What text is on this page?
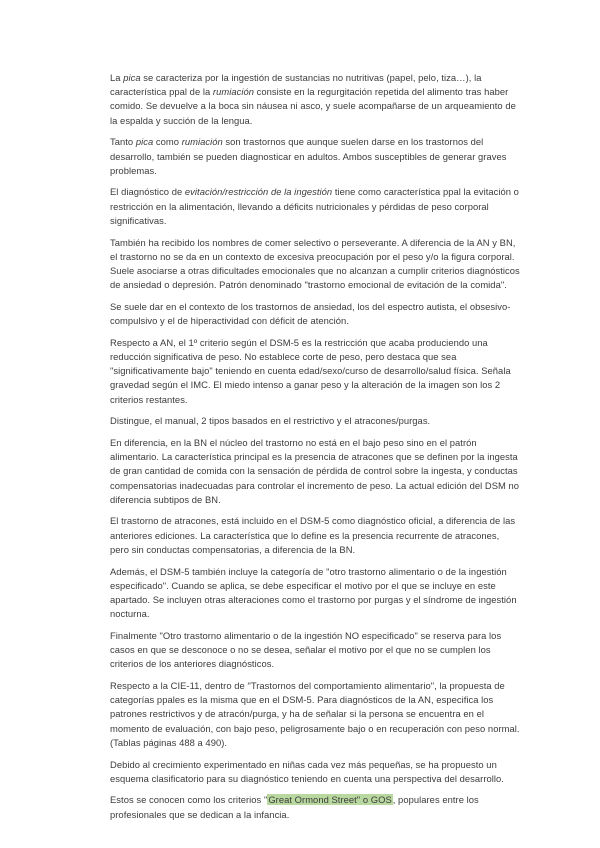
La pica se caracteriza por la ingestión de sustancias no nutritivas (papel, pelo, tiza…), la característica ppal de la rumiación consiste en la regurgitación repetida del alimento tras haber comido. Se devuelve a la boca sin náusea ni asco, y suele acompañarse de un arqueamiento de la espalda y succión de la lengua.

Tanto pica como rumiación son trastornos que aunque suelen darse en los trastornos del desarrollo, también se pueden diagnosticar en adultos. Ambos susceptibles de generar graves problemas.

El diagnóstico de evitación/restricción de la ingestión tiene como característica ppal la evitación o restricción en la alimentación, llevando a déficits nutricionales y pérdidas de peso corporal significativas.

También ha recibido los nombres de comer selectivo o perseverante. A diferencia de la AN y BN, el trastorno no se da en un contexto de excesiva preocupación por el peso y/o la figura corporal. Suele asociarse a otras dificultades emocionales que no alcanzan a cumplir criterios diagnósticos de ansiedad o depresión. Patrón denominado "trastorno emocional de evitación de la comida".

Se suele dar en el contexto de los trastornos de ansiedad, los del espectro autista, el obsesivo-compulsivo y el de hiperactividad con déficit de atención.

Respecto a AN, el 1º criterio según el DSM-5 es la restricción que acaba produciendo una reducción significativa de peso. No establece corte de peso, pero destaca que sea "significativamente bajo" teniendo en cuenta edad/sexo/curso de desarrollo/salud física. Señala gravedad según el IMC. El miedo intenso a ganar peso y la alteración de la imagen son los 2 criterios restantes.

Distingue, el manual, 2 tipos basados en el restrictivo y el atracones/purgas.

En diferencia, en la BN el núcleo del trastorno no está en el bajo peso sino en el patrón alimentario. La característica principal es la presencia de atracones que se definen por la ingesta de gran cantidad de comida con la sensación de pérdida de control sobre la ingesta, y conductas compensatorias inadecuadas para controlar el incremento de peso. La actual edición del DSM no diferencia subtipos de BN.

El trastorno de atracones, está incluido en el DSM-5 como diagnóstico oficial, a diferencia de las anteriores ediciones. La característica que lo define es la presencia recurrente de atracones, pero sin conductas compensatorias, a diferencia de la BN.

Además, el DSM-5 también incluye la categoría de "otro trastorno alimentario o de la ingestión especificado". Cuando se aplica, se debe especificar el motivo por el que se incluye en este apartado. Se incluyen otras alteraciones como el trastorno por purgas y el síndrome de ingestión nocturna.

Finalmente "Otro trastorno alimentario o de la ingestión NO especificado" se reserva para los casos en que se desconoce o no se desea, señalar el motivo por el que no se cumplen los criterios de los anteriores diagnósticos.

Respecto a la CIE-11, dentro de "Trastornos del comportamiento alimentario", la propuesta de categorías ppales es la misma que en el DSM-5. Para diagnósticos de la AN, especifica los patrones restrictivos y de atracón/purga, y ha de señalar si la persona se encuentra en el momento de evaluación, con bajo peso, peligrosamente bajo o en recuperación con peso normal. (Tablas páginas 488 a 490).

Debido al crecimiento experimentado en niñas cada vez más pequeñas, se ha propuesto un esquema clasificatorio para su diagnóstico teniendo en cuenta una perspectiva del desarrollo.

Estos se conocen como los criterios "Great Ormond Street" o GOS, populares entre los profesionales que se dedican a la infancia.
